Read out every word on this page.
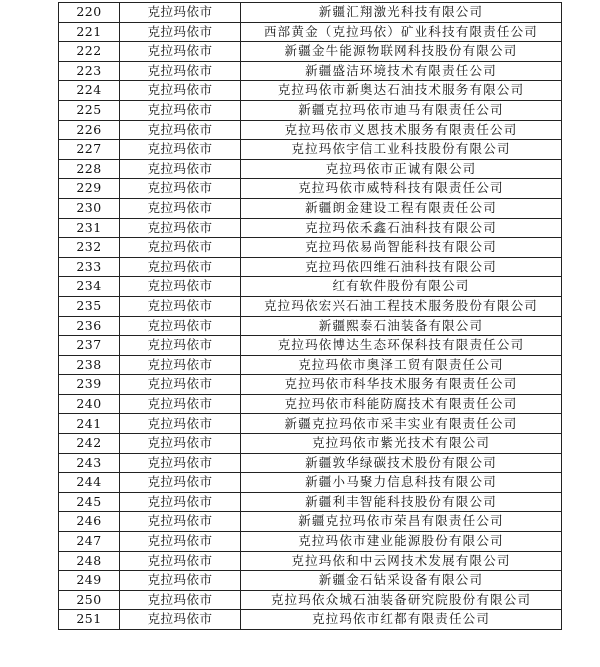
220	克拉玛依市	新疆汇翔激光科技有限公司
221	克拉玛依市	西部黄金（克拉玛依）矿业科技有限责任公司
222	克拉玛依市	新疆金牛能源物联网科技股份有限公司
223	克拉玛依市	新疆盛洁环境技术有限责任公司
224	克拉玛依市	克拉玛依市新奥达石油技术服务有限公司
225	克拉玛依市	新疆克拉玛依市迪马有限责任公司
226	克拉玛依市	克拉玛依市义恩技术服务有限责任公司
227	克拉玛依市	克拉玛依宇信工业科技股份有限公司
228	克拉玛依市	克拉玛依市正诚有限公司
229	克拉玛依市	克拉玛依市威特科技有限责任公司
230	克拉玛依市	新疆朗金建设工程有限责任公司
231	克拉玛依市	克拉玛依禾鑫石油科技有限公司
232	克拉玛依市	克拉玛依易尚智能科技有限公司
233	克拉玛依市	克拉玛依四维石油科技有限公司
234	克拉玛依市	红有软件股份有限公司
235	克拉玛依市	克拉玛依宏兴石油工程技术服务股份有限公司
236	克拉玛依市	新疆熙泰石油装备有限公司
237	克拉玛依市	克拉玛依博达生态环保科技有限责任公司
238	克拉玛依市	克拉玛依市奥泽工贸有限责任公司
239	克拉玛依市	克拉玛依市科华技术服务有限责任公司
240	克拉玛依市	克拉玛依市科能防腐技术有限责任公司
241	克拉玛依市	新疆克拉玛依市采丰实业有限责任公司
242	克拉玛依市	克拉玛依市紫光技术有限公司
243	克拉玛依市	新疆敦华绿碳技术股份有限公司
244	克拉玛依市	新疆小马聚力信息科技有限公司
245	克拉玛依市	新疆利丰智能科技股份有限公司
246	克拉玛依市	新疆克拉玛依市荣昌有限责任公司
247	克拉玛依市	克拉玛依市建业能源股份有限公司
248	克拉玛依市	克拉玛依和中云网技术发展有限公司
249	克拉玛依市	新疆金石钻采设备有限公司
250	克拉玛依市	克拉玛依众城石油装备研究院股份有限公司
251	克拉玛依市	克拉玛依市红都有限责任公司
